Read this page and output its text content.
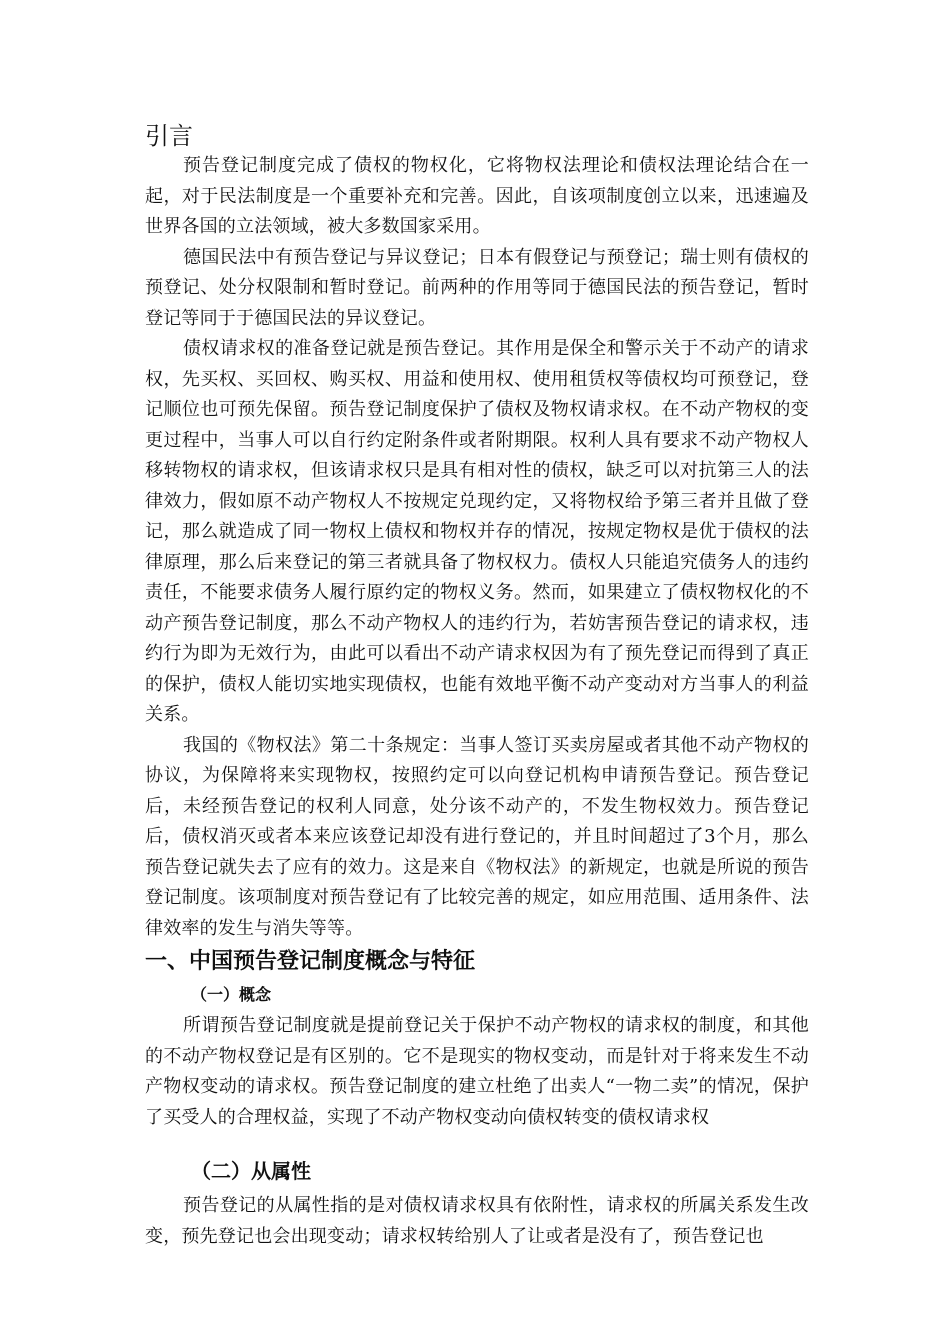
引言

预告登记制度完成了债权的物权化，它将物权法理论和债权法理论结合在一起，对于民法制度是一个重要补充和完善。因此，自该项制度创立以来，迅速遍及世界各国的立法领域，被大多数国家采用。

德国民法中有预告登记与异议登记；日本有假登记与预登记；瑞士则有债权的预登记、处分权限制和暂时登记。前两种的作用等同于德国民法的预告登记，暂时登记等同于于德国民法的异议登记。

债权请求权的准备登记就是预告登记。其作用是保全和警示关于不动产的请求权，先买权、买回权、购买权、用益和使用权、使用租赁权等债权均可预登记，登记顺位也可预先保留。预告登记制度保护了债权及物权请求权。在不动产物权的变更过程中，当事人可以自行约定附条件或者附期限。权利人具有要求不动产物权人移转物权的请求权，但该请求权只是具有相对性的债权，缺乏可以对抗第三人的法律效力，假如原不动产物权人不按规定兑现约定，又将物权给予第三者并且做了登记，那么就造成了同一物权上债权和物权并存的情况，按规定物权是优于债权的法律原理，那么后来登记的第三者就具备了物权权力。债权人只能追究债务人的违约责任，不能要求债务人履行原约定的物权义务。然而，如果建立了债权物权化的不动产预告登记制度，那么不动产物权人的违约行为，若妨害预告登记的请求权，违约行为即为无效行为，由此可以看出不动产请求权因为有了预先登记而得到了真正的保护，债权人能切实地实现债权，也能有效地平衡不动产变动对方当事人的利益关系。

我国的《物权法》第二十条规定：当事人签订买卖房屋或者其他不动产物权的协议，为保障将来实现物权，按照约定可以向登记机构申请预告登记。预告登记后，未经预告登记的权利人同意，处分该不动产的，不发生物权效力。预告登记后，债权消灭或者本来应该登记却没有进行登记的，并且时间超过了3个月，那么预告登记就失去了应有的效力。这是来自《物权法》的新规定，也就是所说的预告登记制度。该项制度对预告登记有了比较完善的规定，如应用范围、适用条件、法律效率的发生与消失等等。

一、中国预告登记制度概念与特征
（一）概念

所谓预告登记制度就是提前登记关于保护不动产物权的请求权的制度，和其他的不动产物权登记是有区别的。它不是现实的物权变动，而是针对于将来发生不动产物权变动的请求权。预告登记制度的建立杜绝了出卖人“一物二卖”的情况，保护了买受人的合理权益，实现了不动产物权变动向债权转变的债权请求权

（二）从属性

预告登记的从属性指的是对债权请求权具有依附性，请求权的所属关系发生改变，预先登记也会出现变动；请求权转给别人了让或者是没有了，预告登记也
